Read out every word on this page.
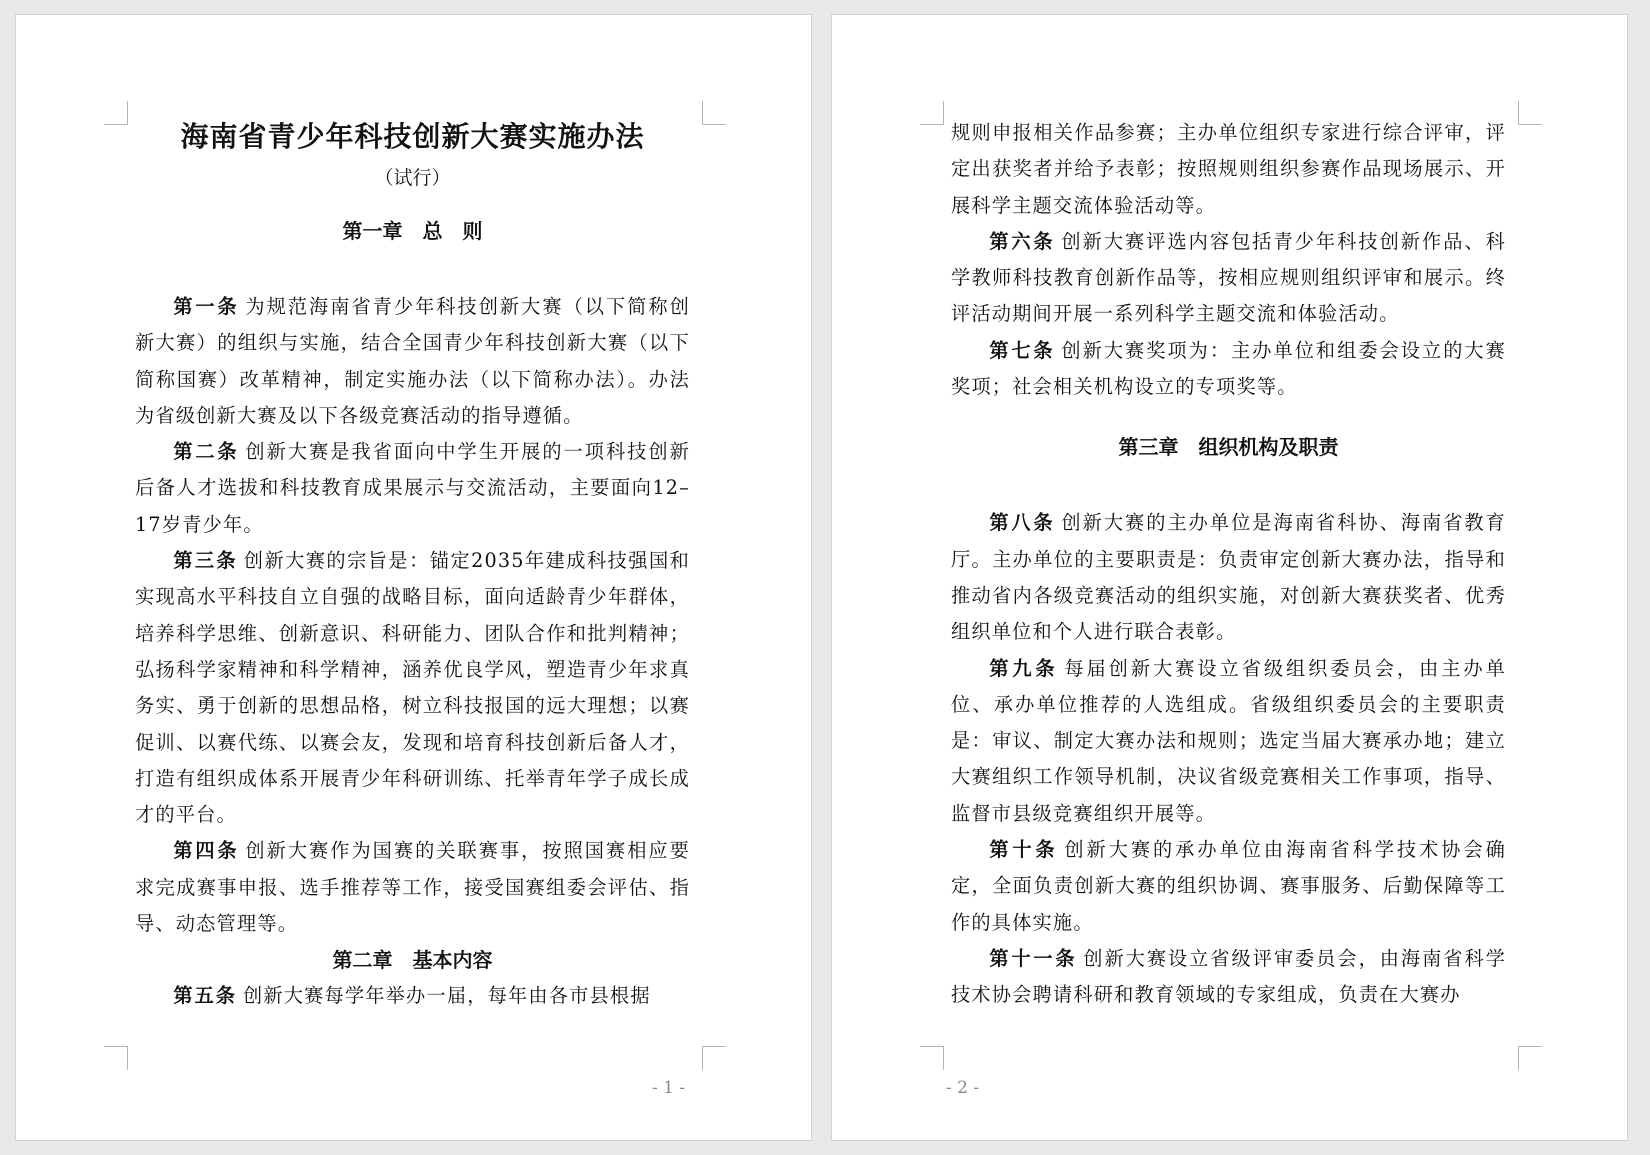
海南省青少年科技创新大赛实施办法
（试行）
第一章　总　则

第一条 为规范海南省青少年科技创新大赛（以下简称创新大赛）的组织与实施，结合全国青少年科技创新大赛（以下简称国赛）改革精神，制定实施办法（以下简称办法）。办法为省级创新大赛及以下各级竞赛活动的指导遵循。

第二条 创新大赛是我省面向中学生开展的一项科技创新后备人才选拔和科技教育成果展示与交流活动，主要面向12–17岁青少年。

第三条 创新大赛的宗旨是：锚定2035年建成科技强国和实现高水平科技自立自强的战略目标，面向适龄青少年群体，培养科学思维、创新意识、科研能力、团队合作和批判精神；弘扬科学家精神和科学精神，涵养优良学风，塑造青少年求真务实、勇于创新的思想品格，树立科技报国的远大理想；以赛促训、以赛代练、以赛会友，发现和培育科技创新后备人才，打造有组织成体系开展青少年科研训练、托举青年学子成长成才的平台。

第四条 创新大赛作为国赛的关联赛事，按照国赛相应要求完成赛事申报、选手推荐等工作，接受国赛组委会评估、指导、动态管理等。

第二章　基本内容

第五条 创新大赛每学年举办一届，每年由各市县根据

- 1 -

规则申报相关作品参赛；主办单位组织专家进行综合评审，评定出获奖者并给予表彰；按照规则组织参赛作品现场展示、开展科学主题交流体验活动等。

第六条 创新大赛评选内容包括青少年科技创新作品、科学教师科技教育创新作品等，按相应规则组织评审和展示。终评活动期间开展一系列科学主题交流和体验活动。

第七条 创新大赛奖项为：主办单位和组委会设立的大赛奖项；社会相关机构设立的专项奖等。

第三章　组织机构及职责

第八条 创新大赛的主办单位是海南省科协、海南省教育厅。主办单位的主要职责是：负责审定创新大赛办法，指导和推动省内各级竞赛活动的组织实施，对创新大赛获奖者、优秀组织单位和个人进行联合表彰。

第九条 每届创新大赛设立省级组织委员会，由主办单位、承办单位推荐的人选组成。省级组织委员会的主要职责是：审议、制定大赛办法和规则；选定当届大赛承办地；建立大赛组织工作领导机制，决议省级竞赛相关工作事项，指导、监督市县级竞赛组织开展等。

第十条 创新大赛的承办单位由海南省科学技术协会确定，全面负责创新大赛的组织协调、赛事服务、后勤保障等工作的具体实施。

第十一条 创新大赛设立省级评审委员会，由海南省科学技术协会聘请科研和教育领域的专家组成，负责在大赛办

- 2 -
